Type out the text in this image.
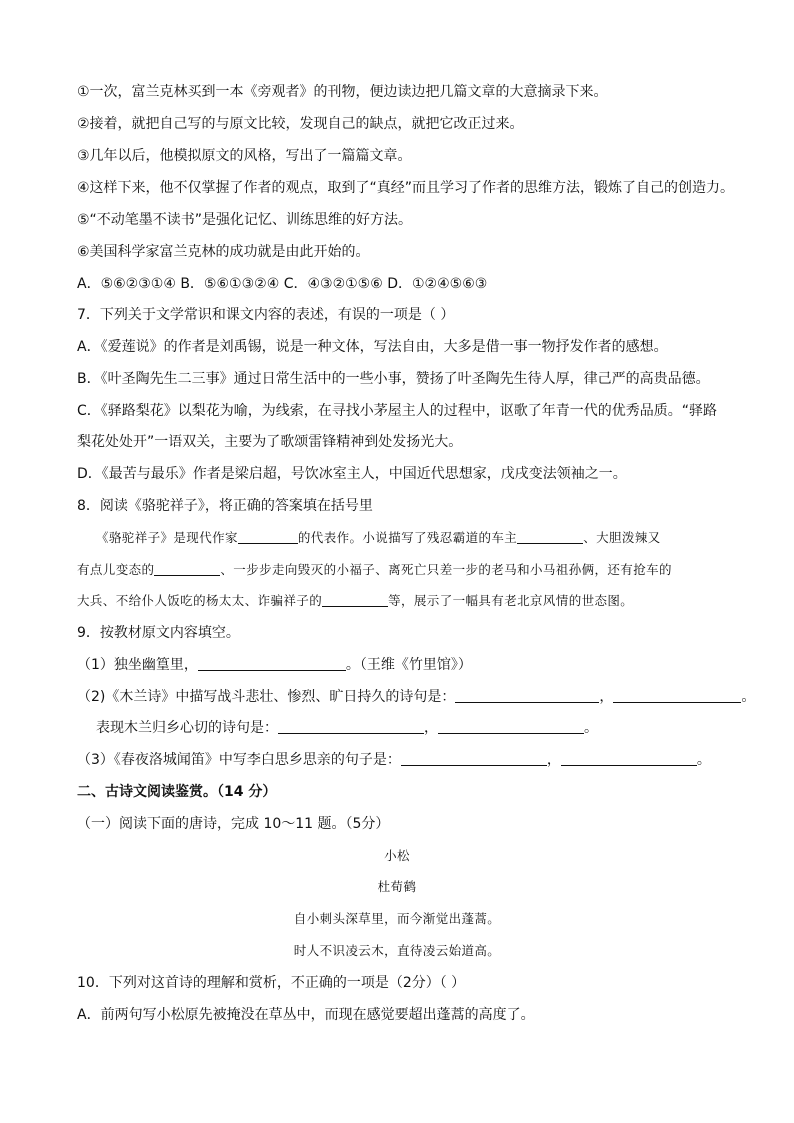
①一次，富兰克林买到一本《旁观者》的刊物，便边读边把几篇文章的大意摘录下来。
②接着，就把自己写的与原文比较，发现自己的缺点，就把它改正过来。
③几年以后，他模拟原文的风格，写出了一篇篇文章。
④这样下来，他不仅掌握了作者的观点，取到了“真经”而且学习了作者的思维方法，锻炼了自己的创造力。
⑤“不动笔墨不读书”是强化记忆、训练思维的好方法。
⑥美国科学家富兰克林的成功就是由此开始的。
A．⑤⑥②③①④ B．⑤⑥①③②④ C．④③②①⑤⑥ D．①②④⑤⑥③
7．下列关于文学常识和课文内容的表述，有误的一项是（ ）
A．《爱莲说》的作者是刘禹锡，说是一种文体，写法自由，大多是借一事一物抒发作者的感想。
B．《叶圣陶先生二三事》通过日常生活中的一些小事，赞扬了叶圣陶先生待人厚，律己严的高贵品德。
C．《驿路梨花》以梨花为喻，为线索，在寻找小茅屋主人的过程中，讴歌了年青一代的优秀品质。“驿路
梨花处处开”一语双关，主要为了歌颂雷锋精神到处发扬光大。
D．《最苦与最乐》作者是梁启超，号饮冰室主人，中国近代思想家，戊戌变法领袖之一。
8．阅读《骆驼祥子》，将正确的答案填在括号里
《骆驼祥子》是现代作家	的代表作。小说描写了残忍霸道的车主	、大胆泼辣又
有点儿变态的	、一步步走向毁灭的小福子、离死亡只差一步的老马和小马祖孙俩，还有抢车的
大兵、不给仆人饭吃的杨太太、诈骗祥子的	等，展示了一幅具有老北京风情的世态图。
9．按教材原文内容填空。
（1）独坐幽篁里，	。（王维《竹里馆》）
（2)《木兰诗》中描写战斗悲壮、惨烈、旷日持久的诗句是：	，	。
表现木兰归乡心切的诗句是：	，	。
（3）《春夜洛城闻笛》中写李白思乡思亲的句子是：	，	。
二、古诗文阅读鉴赏。（14 分）
（一）阅读下面的唐诗，完成 10～11 题。（5分）
小松
杜荀鹤
自小刺头深草里，而今渐觉出蓬蒿。
时人不识凌云木，直待凌云始道高。
10．下列对这首诗的理解和赏析，不正确的一项是（2分）（ ）
A．前两句写小松原先被掩没在草丛中，而现在感觉要超出蓬蒿的高度了。
